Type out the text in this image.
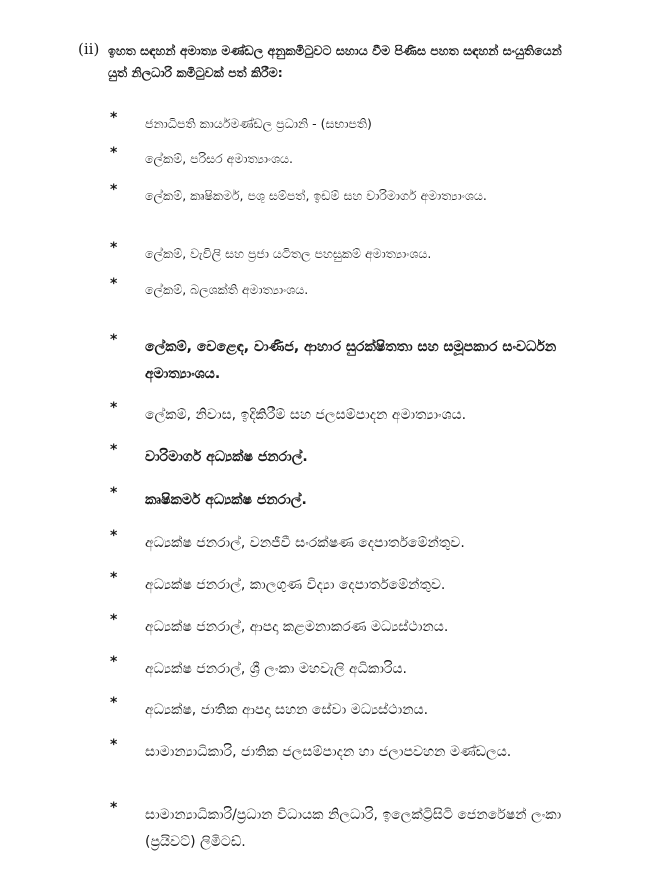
(ii) ඉහත සඳහන් අමාත්‍ය මණ්ඩල අනුකමිටුවට සහාය වීම පිණිස පහත සඳහන් සංයුතියෙන් යුත් නිලධාරි කමිටුවක් පත් කිරීම:
* ජනාධිපති කාර්යමණ්ඩල ප්‍රධානි - (සභාපති)
* ලේකම්, පරිසර අමාත්‍යාංශය.
* ලේකම්, කෘෂිකර්ම, පශු සම්පත්, ඉඩම් සහ වාරිමාර්ග අමාත්‍යාංශය.
* ලේකම්, වැවිලි සහ ප්‍රජා යටිතල පහසුකම් අමාත්‍යාංශය.
* ලේකම්, බලශක්ති අමාත්‍යාංශය.
* ලේකම්, වෙළෙඳ, වාණිජ, ආහාර සුරක්ෂිතතා සහ සමූපකාර සංවර්ධන අමාත්‍යාංශය.
* ලේකම්, නිවාස, ඉදිකිරීම් සහ ජලසම්පාදන අමාත්‍යාංශය.
* වාරිමාර්ග අධ්‍යක්ෂ ජනරාල්.
* කෘෂිකර්ම අධ්‍යක්ෂ ජනරාල්.
* අධ්‍යක්ෂ ජනරාල්, වනජීවී සංරක්ෂණ දෙපාර්තමේන්තුව.
* අධ්‍යක්ෂ ජනරාල්, කාලගුණ විද්‍යා දෙපාර්තමේන්තුව.
* අධ්‍යක්ෂ ජනරාල්, ආපදා කළමනාකරණ මධ්‍යස්ථානය.
* අධ්‍යක්ෂ ජනරාල්, ශ්‍රී ලංකා මහවැලි අධිකාරිය.
* අධ්‍යක්ෂ, ජාතික ආපදා සහන සේවා මධ්‍යස්ථානය.
* සාමාන්‍යාධිකාරි, ජාතික ජලසම්පාදන හා ජලාපවහන මණ්ඩලය.
* සාමාන්‍යාධිකාරි/ප්‍රධාන විධායක නිලධාරි, ඉලෙක්ට්‍රිසිටි ජෙනරේෂන් ලංකා (ප්‍රයිවට්) ලිමිටඩ්.
